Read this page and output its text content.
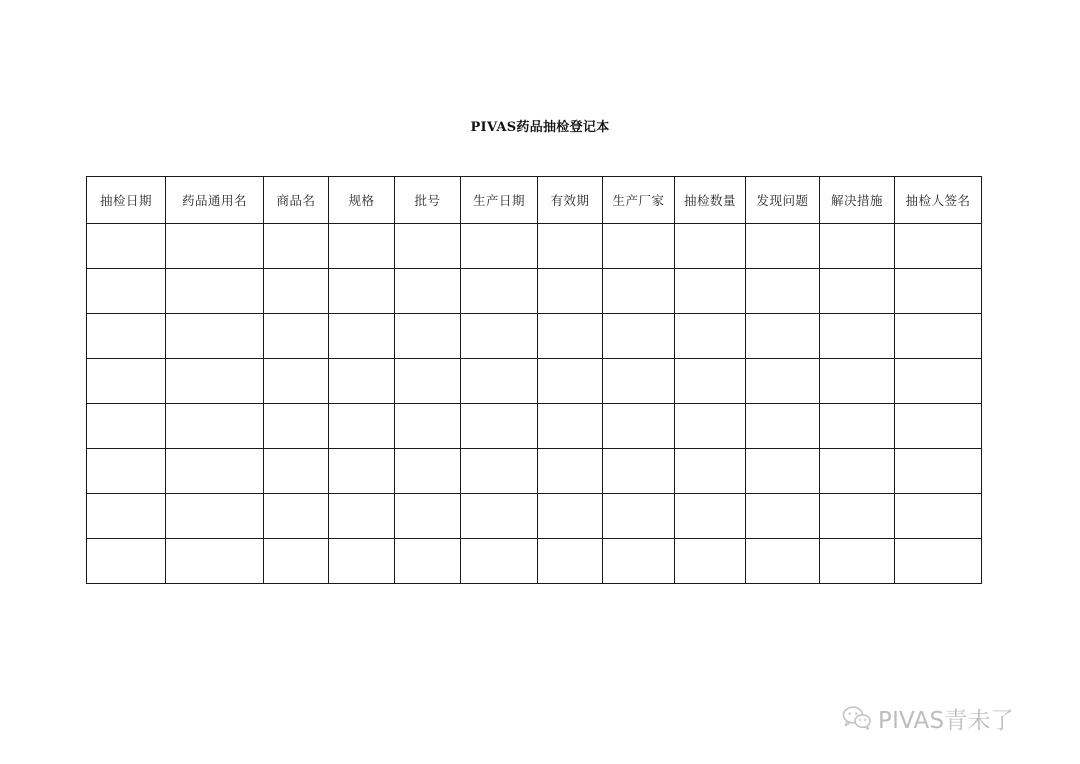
PIVAS药品抽检登记本
抽检日期	药品通用名	商品名	规格	批号	生产日期	有效期	生产厂家	抽检数量	发现问题	解决措施	抽检人签名

PIVAS青未了
